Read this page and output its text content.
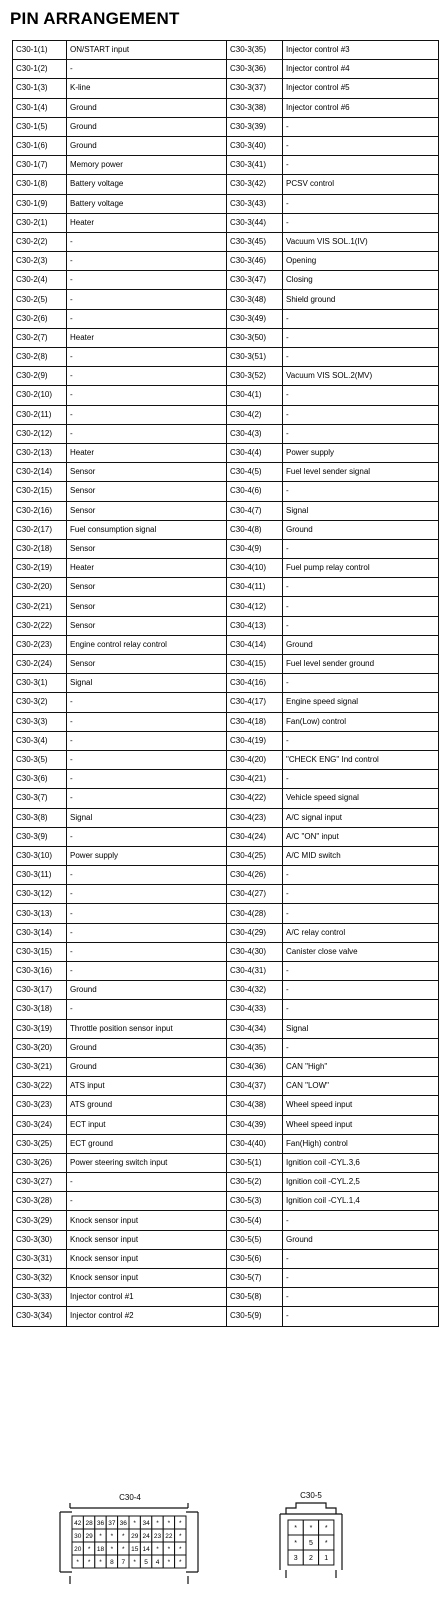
PIN ARRANGEMENT
C30-1(1)	ON/START input	C30-3(35)	Injector control #3
C30-1(2)	-	C30-3(36)	Injector control #4
C30-1(3)	K-line	C30-3(37)	Injector control #5
C30-1(4)	Ground	C30-3(38)	Injector control #6
C30-1(5)	Ground	C30-3(39)	-
C30-1(6)	Ground	C30-3(40)	-
C30-1(7)	Memory power	C30-3(41)	-
C30-1(8)	Battery voltage	C30-3(42)	PCSV control
C30-1(9)	Battery voltage	C30-3(43)	-
C30-2(1)	Heater	C30-3(44)	-
C30-2(2)	-	C30-3(45)	Vacuum VIS SOL.1(IV)
C30-2(3)	-	C30-3(46)	Opening
C30-2(4)	-	C30-3(47)	Closing
C30-2(5)	-	C30-3(48)	Shield ground
C30-2(6)	-	C30-3(49)	-
C30-2(7)	Heater	C30-3(50)	-
C30-2(8)	-	C30-3(51)	-
C30-2(9)	-	C30-3(52)	Vacuum VIS SOL.2(MV)
C30-2(10)	-	C30-4(1)	-
C30-2(11)	-	C30-4(2)	-
C30-2(12)	-	C30-4(3)	-
C30-2(13)	Heater	C30-4(4)	Power supply
C30-2(14)	Sensor	C30-4(5)	Fuel level sender signal
C30-2(15)	Sensor	C30-4(6)	-
C30-2(16)	Sensor	C30-4(7)	Signal
C30-2(17)	Fuel consumption signal	C30-4(8)	Ground
C30-2(18)	Sensor	C30-4(9)	-
C30-2(19)	Heater	C30-4(10)	Fuel pump relay control
C30-2(20)	Sensor	C30-4(11)	-
C30-2(21)	Sensor	C30-4(12)	-
C30-2(22)	Sensor	C30-4(13)	-
C30-2(23)	Engine control relay control	C30-4(14)	Ground
C30-2(24)	Sensor	C30-4(15)	Fuel level sender ground
C30-3(1)	Signal	C30-4(16)	-
C30-3(2)	-	C30-4(17)	Engine speed signal
C30-3(3)	-	C30-4(18)	Fan(Low) control
C30-3(4)	-	C30-4(19)	-
C30-3(5)	-	C30-4(20)	"CHECK ENG" Ind control
C30-3(6)	-	C30-4(21)	-
C30-3(7)	-	C30-4(22)	Vehicle speed signal
C30-3(8)	Signal	C30-4(23)	A/C signal input
C30-3(9)	-	C30-4(24)	A/C "ON" input
C30-3(10)	Power supply	C30-4(25)	A/C MID switch
C30-3(11)	-	C30-4(26)	-
C30-3(12)	-	C30-4(27)	-
C30-3(13)	-	C30-4(28)	-
C30-3(14)	-	C30-4(29)	A/C relay control
C30-3(15)	-	C30-4(30)	Canister close valve
C30-3(16)	-	C30-4(31)	-
C30-3(17)	Ground	C30-4(32)	-
C30-3(18)	-	C30-4(33)	-
C30-3(19)	Throttle position sensor input	C30-4(34)	Signal
C30-3(20)	Ground	C30-4(35)	-
C30-3(21)	Ground	C30-4(36)	CAN "High"
C30-3(22)	ATS input	C30-4(37)	CAN "LOW"
C30-3(23)	ATS ground	C30-4(38)	Wheel speed input
C30-3(24)	ECT input	C30-4(39)	Wheel speed input
C30-3(25)	ECT ground	C30-4(40)	Fan(High) control
C30-3(26)	Power steering switch input	C30-5(1)	Ignition coil -CYL.3,6
C30-3(27)	-	C30-5(2)	Ignition coil -CYL.2,5
C30-3(28)	-	C30-5(3)	Ignition coil -CYL.1,4
C30-3(29)	Knock sensor input	C30-5(4)	-
C30-3(30)	Knock sensor input	C30-5(5)	Ground
C30-3(31)	Knock sensor input	C30-5(6)	-
C30-3(32)	Knock sensor input	C30-5(7)	-
C30-3(33)	Injector control #1	C30-5(8)	-
C30-3(34)	Injector control #2	C30-5(9)	-
C30-4
42 28 36 37 36 * 34 * * *
30 29 * * * 29 24 23 22 *
20 * 18 * * 15 14 * * *
* * * 8 7 * 5 4 * *
C30-5
* * *
* 5 *
3 2 1
